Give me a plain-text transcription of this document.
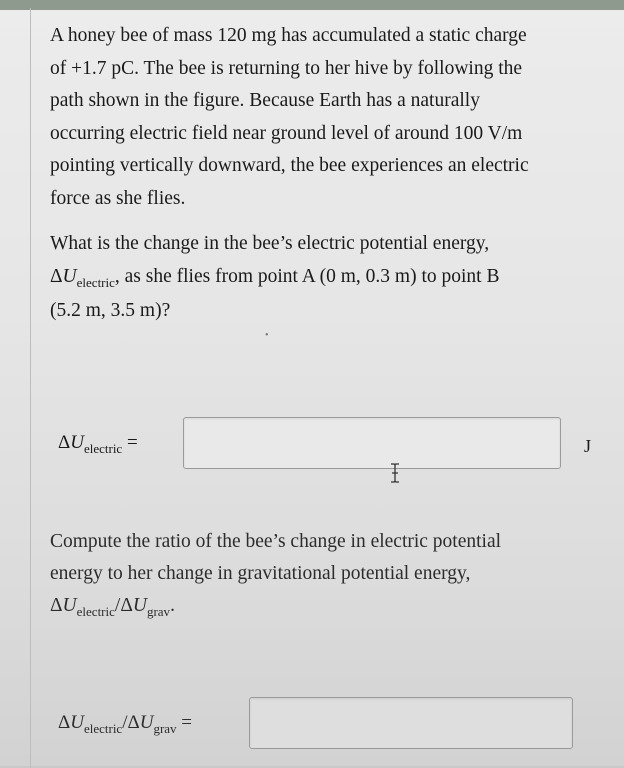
A honey bee of mass 120 mg has accumulated a static charge
of +1.7 pC. The bee is returning to her hive by following the
path shown in the figure. Because Earth has a naturally
occurring electric field near ground level of around 100 V/m
pointing vertically downward, the bee experiences an electric
force as she flies.
What is the change in the bee’s electric potential energy,
$\Delta U_{electric}$, as she flies from point A (0 m, 0.3 m) to point B
(5.2 m, 3.5 m)?
•
$\Delta U_{electric}$ =	J
Compute the ratio of the bee’s change in electric potential
energy to her change in gravitational potential energy,
$\Delta U_{electric}/\Delta U_{grav}$.
$\Delta U_{electric}/\Delta U_{grav}$ =
